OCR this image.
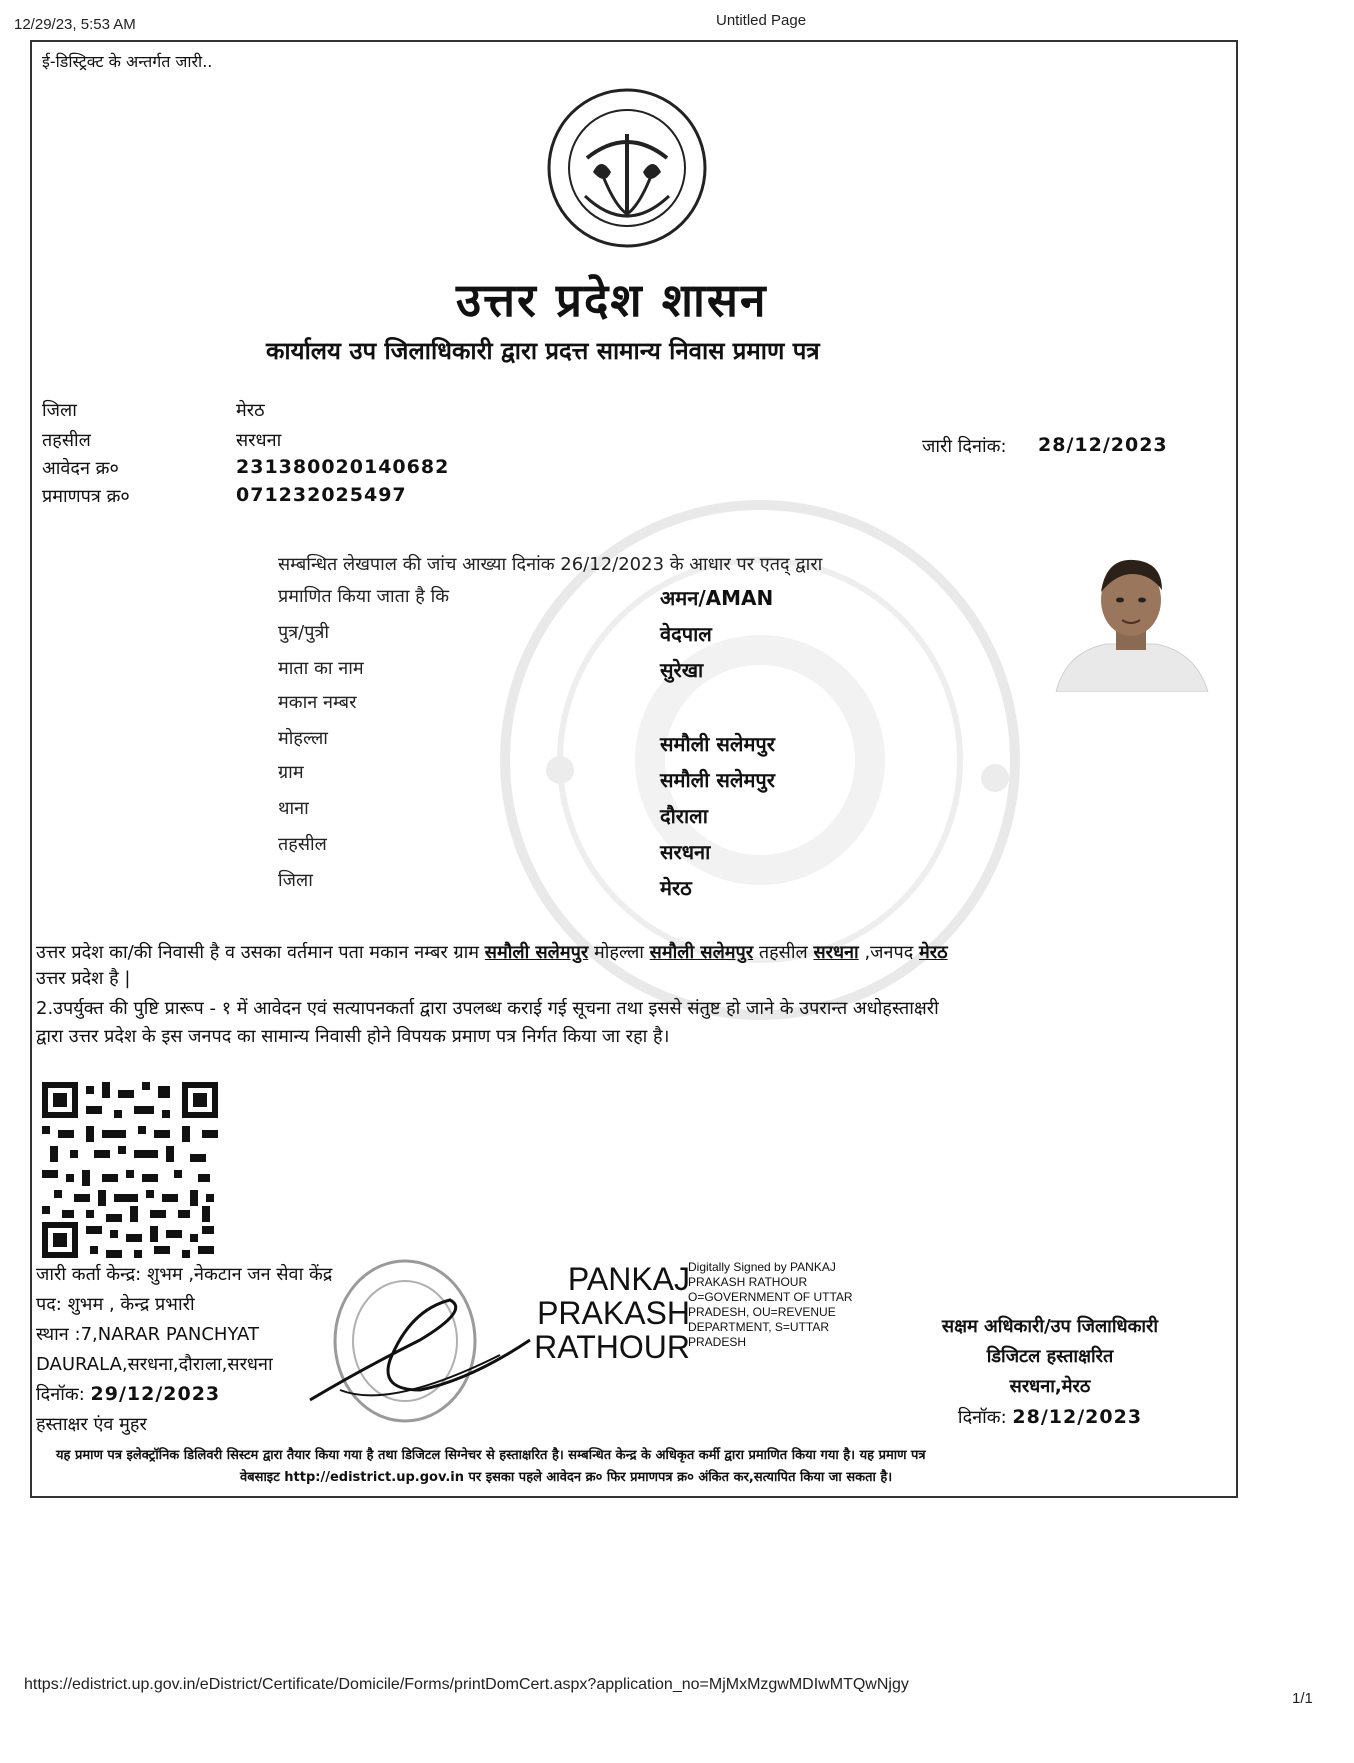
12/29/23, 5:53 AM	Untitled Page
ई-डिस्ट्रिक्ट के अन्तर्गत जारी..
उत्तर प्रदेश शासन
कार्यालय उप जिलाधिकारी द्वारा प्रदत्त सामान्य निवास प्रमाण पत्र
जिला	मेरठ
तहसील	सरधना
आवेदन क्र०	231380020140682
प्रमाणपत्र क्र०	071232025497
जारी दिनांक: 28/12/2023
सम्बन्धित लेखपाल की जांच आख्या दिनांक 26/12/2023 के आधार पर एतद् द्वारा
प्रमाणित किया जाता है कि	अमन/AMAN
पुत्र/पुत्री	वेदपाल
माता का नाम	सुरेखा
मकान नम्बर
मोहल्ला	समौली सलेमपुर
ग्राम	समौली सलेमपुर
थाना	दौराला
तहसील	सरधना
जिला	मेरठ
उत्तर प्रदेश का/की निवासी है व उसका वर्तमान पता मकान नम्बर ग्राम समौली सलेमपुर मोहल्ला समौली सलेमपुर तहसील सरधना ,जनपद मेरठ
उत्तर प्रदेश है |
2.उपर्युक्त की पुष्टि प्रारूप - १ में आवेदन एवं सत्यापनकर्ता द्वारा उपलब्ध कराई गई सूचना तथा इससे संतुष्ट हो जाने के उपरान्त अधोहस्ताक्षरी
द्वारा उत्तर प्रदेश के इस जनपद का सामान्य निवासी होने विपयक प्रमाण पत्र निर्गत किया जा रहा है।
जारी कर्ता केन्द्र: शुभम ,नेकटान जन सेवा केंद्र
पद: शुभम , केन्द्र प्रभारी
स्थान :7,NARAR PANCHYAT
DAURALA,सरधना,दौराला,सरधना
दिनॉक: 29/12/2023
हस्ताक्षर एंव मुहर
PANKAJ
PRAKASH
RATHOUR
Digitally Signed by PANKAJ
PRAKASH RATHOUR
O=GOVERNMENT OF UTTAR
PRADESH, OU=REVENUE
DEPARTMENT, S=UTTAR
PRADESH
सक्षम अधिकारी/उप जिलाधिकारी
डिजिटल हस्ताक्षरित
सरधना,मेरठ
दिनॉक: 28/12/2023
यह प्रमाण पत्र इलेक्ट्रॉनिक डिलिवरी सिस्टम द्वारा तैयार किया गया है तथा डिजिटल सिग्नेचर से हस्ताक्षरित है। सम्बन्धित केन्द्र के अधिकृत कर्मी द्वारा प्रमाणित किया गया है। यह प्रमाण पत्र
वेबसाइट http://edistrict.up.gov.in पर इसका पहले आवेदन क्र० फिर प्रमाणपत्र क्र० अंकित कर,सत्यापित किया जा सकता है।
https://edistrict.up.gov.in/eDistrict/Certificate/Domicile/Forms/printDomCert.aspx?application_no=MjMxMzgwMDIwMTQwNjgy
1/1
